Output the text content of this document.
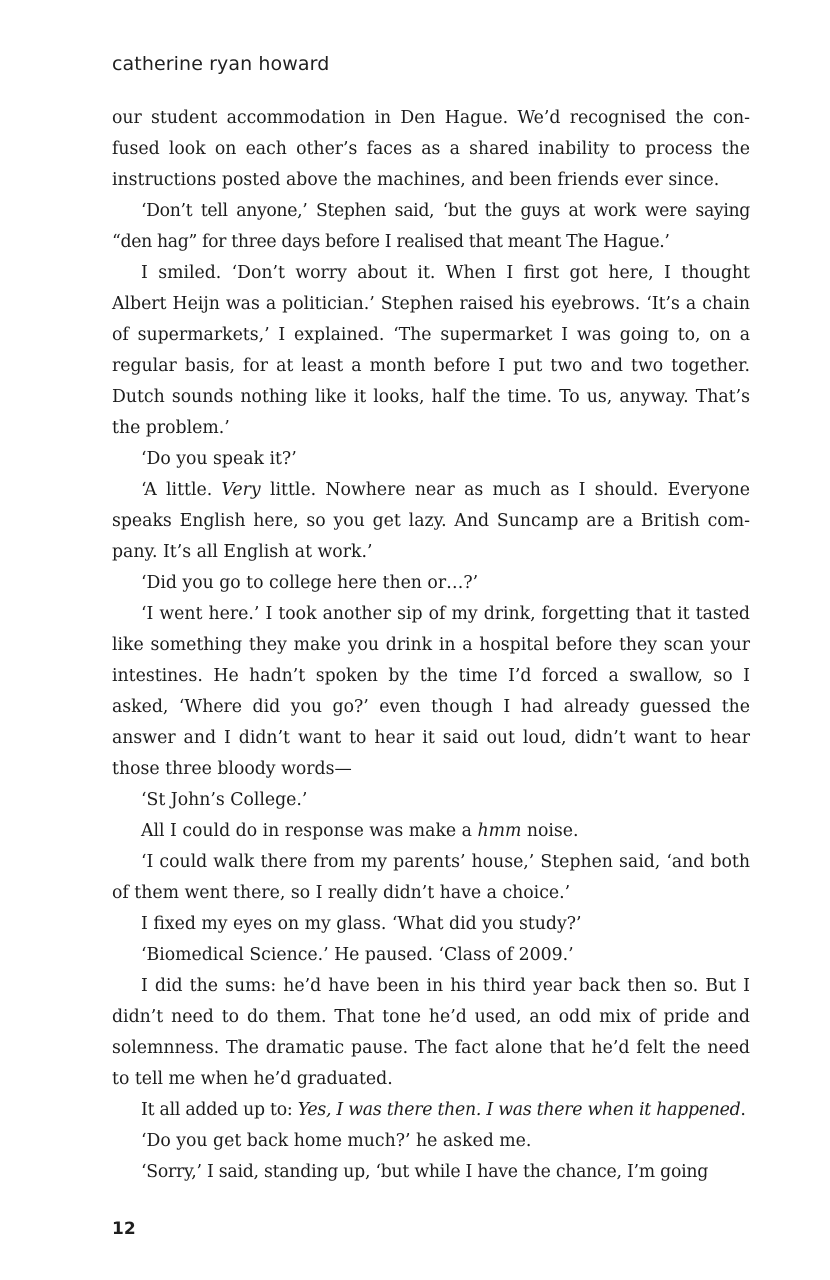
catherine ryan howard

our student accommodation in Den Hague. We’d recognised the confused look on each other’s faces as a shared inability to process the instructions posted above the machines, and been friends ever since.

‘Don’t tell anyone,’ Stephen said, ‘but the guys at work were saying “den hag” for three days before I realised that meant The Hague.’

I smiled. ‘Don’t worry about it. When I first got here, I thought Albert Heijn was a politician.’ Stephen raised his eyebrows. ‘It’s a chain of supermarkets,’ I explained. ‘The supermarket I was going to, on a regular basis, for at least a month before I put two and two together. Dutch sounds nothing like it looks, half the time. To us, anyway. That’s the problem.’

‘Do you speak it?’

‘A little. Very little. Nowhere near as much as I should. Everyone speaks English here, so you get lazy. And Suncamp are a British company. It’s all English at work.’

‘Did you go to college here then or…?’

‘I went here.’ I took another sip of my drink, forgetting that it tasted like something they make you drink in a hospital before they scan your intestines. He hadn’t spoken by the time I’d forced a swallow, so I asked, ‘Where did you go?’ even though I had already guessed the answer and I didn’t want to hear it said out loud, didn’t want to hear those three bloody words—

‘St John’s College.’

All I could do in response was make a hmm noise.

‘I could walk there from my parents’ house,’ Stephen said, ‘and both of them went there, so I really didn’t have a choice.’

I fixed my eyes on my glass. ‘What did you study?’

‘Biomedical Science.’ He paused. ‘Class of 2009.’

I did the sums: he’d have been in his third year back then so. But I didn’t need to do them. That tone he’d used, an odd mix of pride and solemnness. The dramatic pause. The fact alone that he’d felt the need to tell me when he’d graduated.

It all added up to: Yes, I was there then. I was there when it happened.

‘Do you get back home much?’ he asked me.

‘Sorry,’ I said, standing up, ‘but while I have the chance, I’m going

12
